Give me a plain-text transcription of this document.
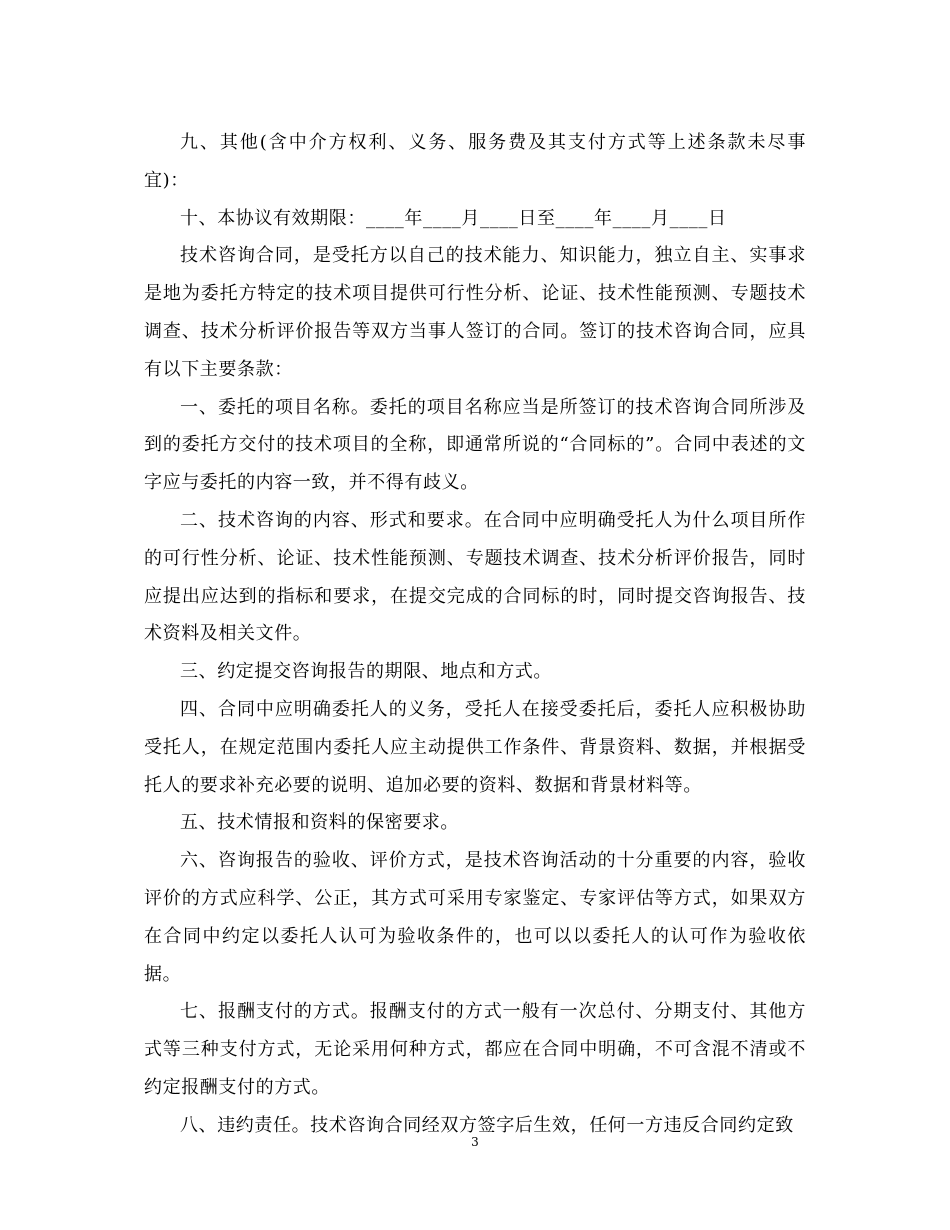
九、其他(含中介方权利、义务、服务费及其支付方式等上述条款未尽事宜)：

十、本协议有效期限：____年____月____日至____年____月____日

技术咨询合同，是受托方以自己的技术能力、知识能力，独立自主、实事求是地为委托方特定的技术项目提供可行性分析、论证、技术性能预测、专题技术调查、技术分析评价报告等双方当事人签订的合同。签订的技术咨询合同，应具有以下主要条款：

一、委托的项目名称。委托的项目名称应当是所签订的技术咨询合同所涉及到的委托方交付的技术项目的全称，即通常所说的“合同标的”。合同中表述的文字应与委托的内容一致，并不得有歧义。

二、技术咨询的内容、形式和要求。在合同中应明确受托人为什么项目所作的可行性分析、论证、技术性能预测、专题技术调查、技术分析评价报告，同时应提出应达到的指标和要求，在提交完成的合同标的时，同时提交咨询报告、技术资料及相关文件。

三、约定提交咨询报告的期限、地点和方式。

四、合同中应明确委托人的义务，受托人在接受委托后，委托人应积极协助受托人，在规定范围内委托人应主动提供工作条件、背景资料、数据，并根据受托人的要求补充必要的说明、追加必要的资料、数据和背景材料等。

五、技术情报和资料的保密要求。

六、咨询报告的验收、评价方式，是技术咨询活动的十分重要的内容，验收评价的方式应科学、公正，其方式可采用专家鉴定、专家评估等方式，如果双方在合同中约定以委托人认可为验收条件的，也可以以委托人的认可作为验收依据。

七、报酬支付的方式。报酬支付的方式一般有一次总付、分期支付、其他方式等三种支付方式，无论采用何种方式，都应在合同中明确，不可含混不清或不约定报酬支付的方式。

八、违约责任。技术咨询合同经双方签字后生效，任何一方违反合同约定致

3
